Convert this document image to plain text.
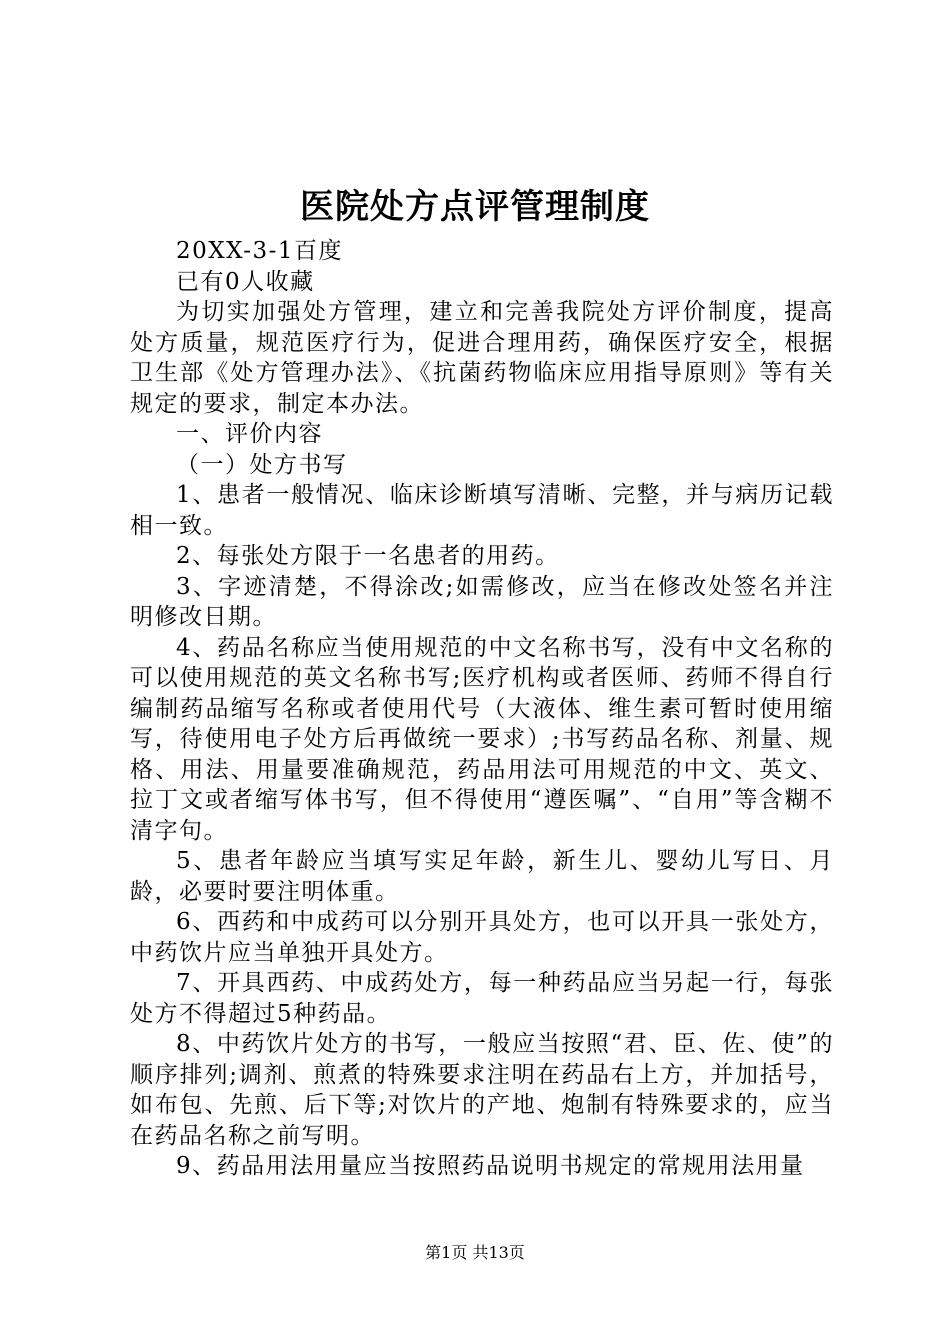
医院处方点评管理制度

20XX-3-1百度

已有0人收藏

为切实加强处方管理，建立和完善我院处方评价制度，提高处方质量，规范医疗行为，促进合理用药，确保医疗安全，根据卫生部《处方管理办法》、《抗菌药物临床应用指导原则》等有关规定的要求，制定本办法。

一、评价内容

（一）处方书写

1、患者一般情况、临床诊断填写清晰、完整，并与病历记载相一致。

2、每张处方限于一名患者的用药。

3、字迹清楚，不得涂改;如需修改，应当在修改处签名并注明修改日期。

4、药品名称应当使用规范的中文名称书写，没有中文名称的可以使用规范的英文名称书写;医疗机构或者医师、药师不得自行编制药品缩写名称或者使用代号（大液体、维生素可暂时使用缩写，待使用电子处方后再做统一要求）;书写药品名称、剂量、规格、用法、用量要准确规范，药品用法可用规范的中文、英文、拉丁文或者缩写体书写，但不得使用“遵医嘱”、“自用”等含糊不清字句。

5、患者年龄应当填写实足年龄，新生儿、婴幼儿写日、月龄，必要时要注明体重。

6、西药和中成药可以分别开具处方，也可以开具一张处方，中药饮片应当单独开具处方。

7、开具西药、中成药处方，每一种药品应当另起一行，每张处方不得超过5种药品。

8、中药饮片处方的书写，一般应当按照“君、臣、佐、使”的顺序排列;调剂、煎煮的特殊要求注明在药品右上方，并加括号，如布包、先煎、后下等;对饮片的产地、炮制有特殊要求的，应当在药品名称之前写明。

9、药品用法用量应当按照药品说明书规定的常规用法用量

第1页 共13页
